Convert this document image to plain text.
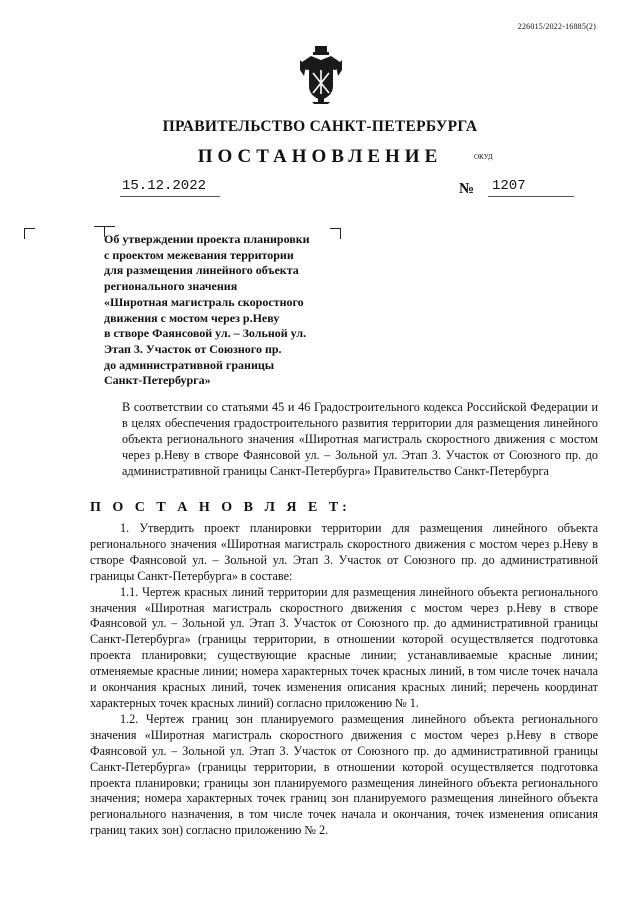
226015/2022-16885(2)
ПРАВИТЕЛЬСТВО САНКТ-ПЕТЕРБУРГА
ПОСТАНОВЛЕНИЕ	ОКУД
15.12.2022	№ 1207
Об утверждении проекта планировки
с проектом межевания территории
для размещения линейного объекта
регионального значения
«Широтная магистраль скоростного
движения с мостом через р.Неву
в створе Фаянсовой ул. – Зольной ул.
Этап 3. Участок от Союзного пр.
до административной границы
Санкт-Петербурга»
В соответствии со статьями 45 и 46 Градостроительного кодекса Российской Федерации и в целях обеспечения градостроительного развития территории для размещения линейного объекта регионального значения «Широтная магистраль скоростного движения с мостом через р.Неву в створе Фаянсовой ул. – Зольной ул. Этап 3. Участок от Союзного пр. до административной границы Санкт-Петербурга» Правительство Санкт-Петербурга
П О С Т А Н О В Л Я Е Т:

1. Утвердить проект планировки территории для размещения линейного объекта регионального значения «Широтная магистраль скоростного движения с мостом через р.Неву в створе Фаянсовой ул. – Зольной ул. Этап 3. Участок от Союзного пр. до административной границы Санкт-Петербурга» в составе:

1.1. Чертеж красных линий территории для размещения линейного объекта регионального значения «Широтная магистраль скоростного движения с мостом через р.Неву в створе Фаянсовой ул. – Зольной ул. Этап 3. Участок от Союзного пр. до административной границы Санкт-Петербурга» (границы территории, в отношении которой осуществляется подготовка проекта планировки; существующие красные линии; устанавливаемые красные линии; отменяемые красные линии; номера характерных точек красных линий, в том числе точек начала и окончания красных линий, точек изменения описания красных линий; перечень координат характерных точек красных линий) согласно приложению № 1.

1.2. Чертеж границ зон планируемого размещения линейного объекта регионального значения «Широтная магистраль скоростного движения с мостом через р.Неву в створе Фаянсовой ул. – Зольной ул. Этап 3. Участок от Союзного пр. до административной границы Санкт-Петербурга» (границы территории, в отношении которой осуществляется подготовка проекта планировки; границы зон планируемого размещения линейного объекта регионального значения; номера характерных точек границ зон планируемого размещения линейного объекта регионального назначения, в том числе точек начала и окончания, точек изменения описания границ таких зон) согласно приложению № 2.
